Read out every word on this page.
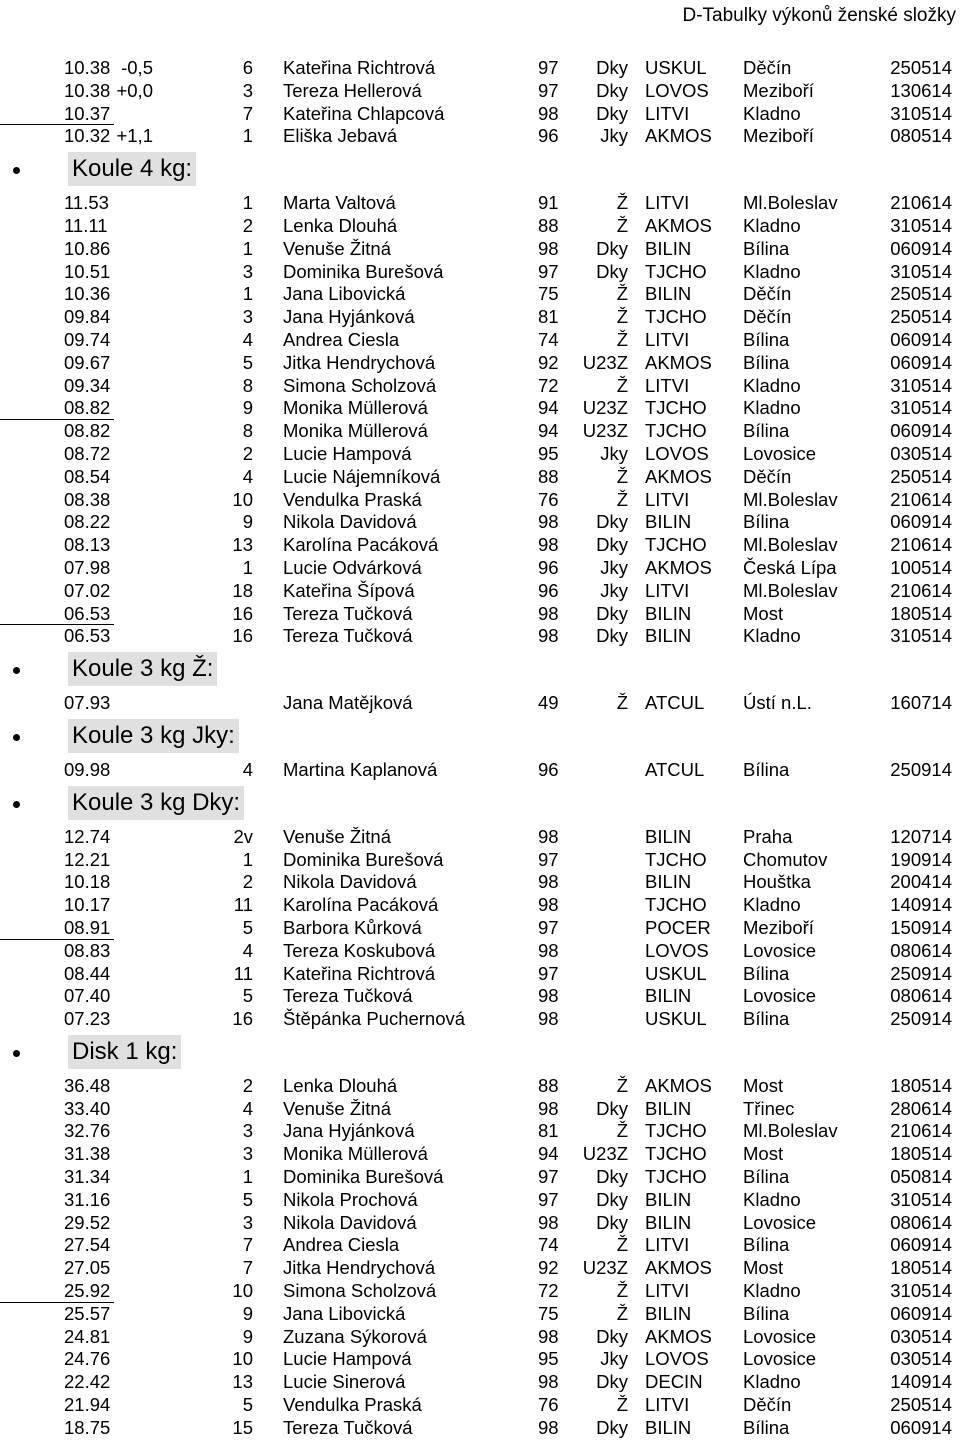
D-Tabulky výkonů ženské složky
10.38 -0,5	6 Kateřina Richtrová	97 Dky USKUL Děčín	250514
10.38 +0,0	3 Tereza Hellerová	97 Dky LOVOS Meziboří	130614
10.37	7 Kateřina Chlapcová	98 Dky LITVI	Kladno	310514
10.32 +1,1	1 Eliška Jebavá	96 Jky AKMOS Meziboří	080514
Koule 4 kg:
11.53	1 Marta Valtová	91	Ž LITVI	Ml.Boleslav	210614
11.11	2 Lenka Dlouhá	88	Ž AKMOS Kladno	310514
10.86	1 Venuše Žitná	98 Dky BILIN	Bílina	060914
10.51	3 Dominika Burešová	97 Dky TJCHO Kladno	310514
10.36	1 Jana Libovická	75	Ž BILIN	Děčín	250514
09.84	3 Jana Hyjánková	81	Ž TJCHO Děčín	250514
09.74	4 Andrea Ciesla	74	Ž LITVI	Bílina	060914
09.67	5 Jitka Hendrychová	92 U23Z AKMOS Bílina	060914
09.34	8 Simona Scholzová	72	Ž LITVI	Kladno	310514
08.82	9 Monika Müllerová	94 U23Z TJCHO Kladno	310514
08.82	8 Monika Müllerová	94 U23Z TJCHO Bílina	060914
08.72	2 Lucie Hampová	95 Jky LOVOS Lovosice	030514
08.54	4 Lucie Nájemníková	88	Ž AKMOS Děčín	250514
08.38	10 Vendulka Praská	76	Ž LITVI	Ml.Boleslav	210614
08.22	9 Nikola Davidová	98 Dky BILIN	Bílina	060914
08.13	13 Karolína Pacáková	98 Dky TJCHO Ml.Boleslav	210614
07.98	1 Lucie Odvárková	96 Jky AKMOS Česká Lípa	100514
07.02	18 Kateřina Šípová	96 Jky LITVI	Ml.Boleslav	210614
06.53	16 Tereza Tučková	98 Dky BILIN	Most	180514
06.53	16 Tereza Tučková	98 Dky BILIN	Kladno	310514
Koule 3 kg Ž:
07.93	Jana Matějková	49	Ž ATCUL Ústí n.L.	160714
Koule 3 kg Jky:
09.98	4 Martina Kaplanová	96	ATCUL Bílina	250914
Koule 3 kg Dky:
12.74	2v Venuše Žitná	98	BILIN	Praha	120714
12.21	1 Dominika Burešová	97	TJCHO Chomutov	190914
10.18	2 Nikola Davidová	98	BILIN	Houštka	200414
10.17	11 Karolína Pacáková	98	TJCHO Kladno	140914
08.91	5 Barbora Kůrková	97	POCER Meziboří	150914
08.83	4 Tereza Koskubová	98	LOVOS Lovosice	080614
08.44	11 Kateřina Richtrová	97	USKUL Bílina	250914
07.40	5 Tereza Tučková	98	BILIN	Lovosice	080614
07.23	16 Štěpánka Puchernová	98	USKUL Bílina	250914
Disk 1 kg:
36.48	2 Lenka Dlouhá	88	Ž AKMOS Most	180514
33.40	4 Venuše Žitná	98 Dky BILIN	Třinec	280614
32.76	3 Jana Hyjánková	81	Ž TJCHO Ml.Boleslav	210614
31.38	3 Monika Müllerová	94 U23Z TJCHO Most	180514
31.34	1 Dominika Burešová	97 Dky TJCHO Bílina	050814
31.16	5 Nikola Prochová	97 Dky BILIN	Kladno	310514
29.52	3 Nikola Davidová	98 Dky BILIN	Lovosice	080614
27.54	7 Andrea Ciesla	74	Ž LITVI	Bílina	060914
27.05	7 Jitka Hendrychová	92 U23Z AKMOS Most	180514
25.92	10 Simona Scholzová	72	Ž LITVI	Kladno	310514
25.57	9 Jana Libovická	75	Ž BILIN	Bílina	060914
24.81	9 Zuzana Sýkorová	98 Dky AKMOS Lovosice	030514
24.76	10 Lucie Hampová	95 Jky LOVOS Lovosice	030514
22.42	13 Lucie Sinerová	98 Dky DECIN Kladno	140914
21.94	5 Vendulka Praská	76	Ž LITVI	Děčín	250514
18.75	15 Tereza Tučková	98 Dky BILIN	Bílina	060914
